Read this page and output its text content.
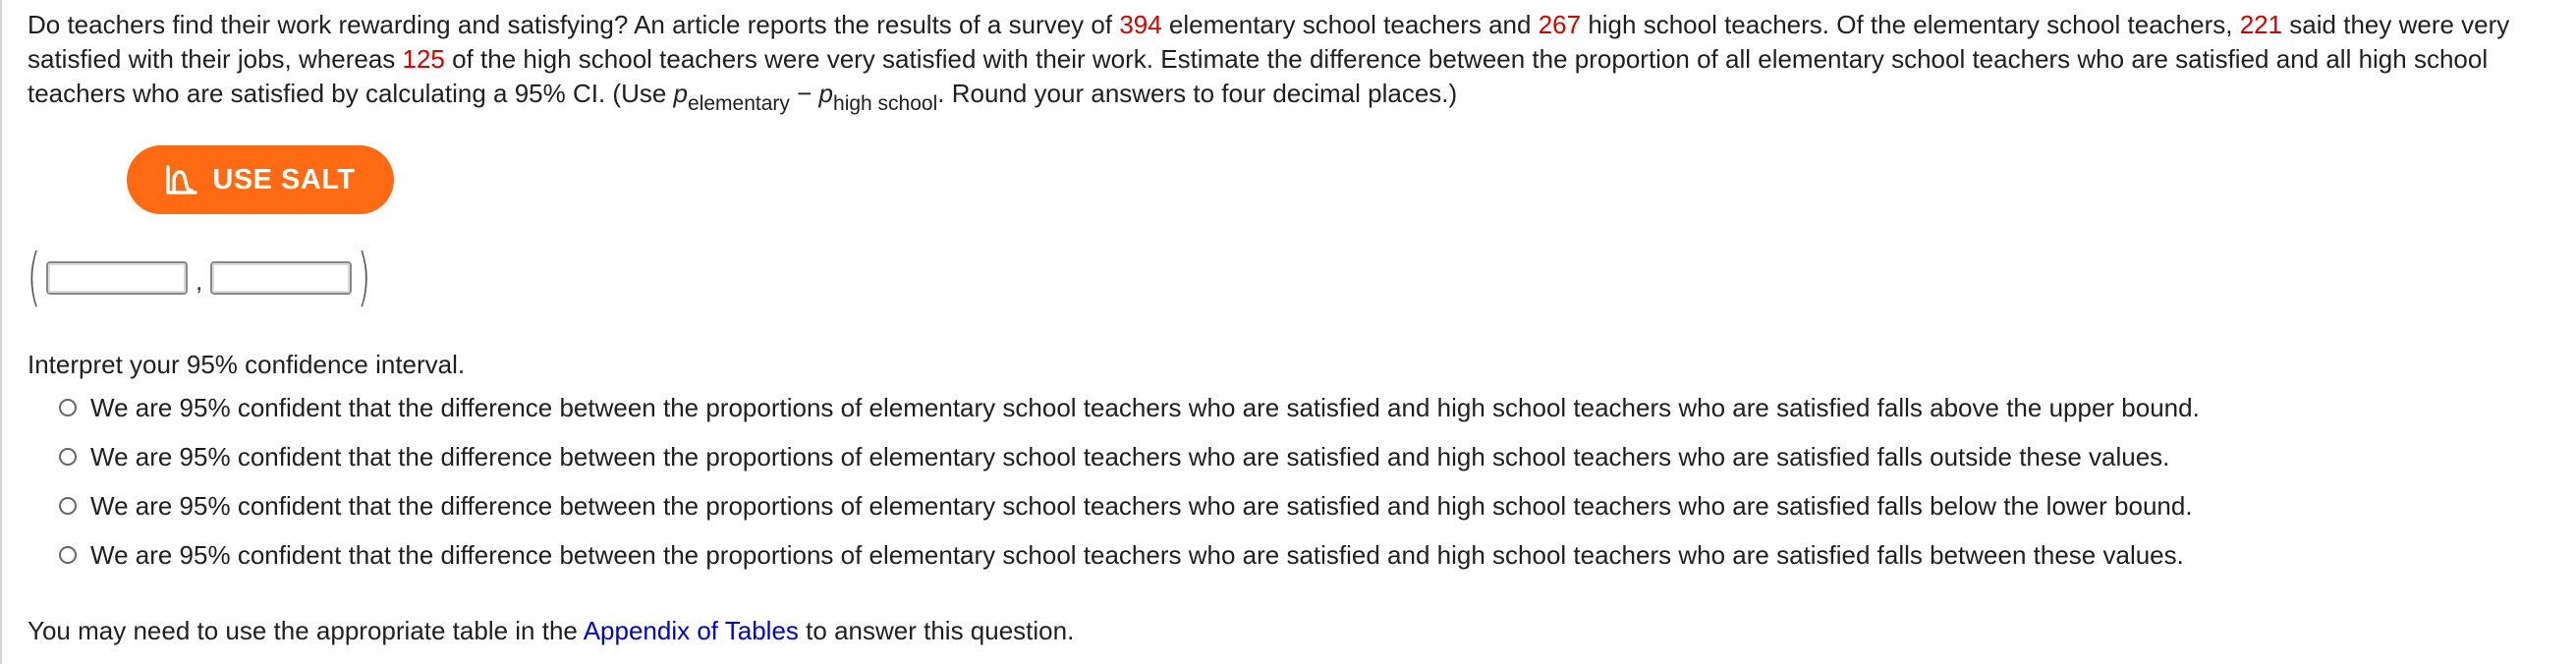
Do teachers find their work rewarding and satisfying? An article reports the results of a survey of 394 elementary school teachers and 267 high school teachers. Of the elementary school teachers, 221 said they were very satisfied with their jobs, whereas 125 of the high school teachers were very satisfied with their work. Estimate the difference between the proportion of all elementary school teachers who are satisfied and all high school teachers who are satisfied by calculating a 95% CI. (Use $p_{elementary} - p_{high school}$. Round your answers to four decimal places.)
USE SALT
(	, )
Interpret your 95% confidence interval.
We are 95% confident that the difference between the proportions of elementary school teachers who are satisfied and high school teachers who are satisfied falls above the upper bound.
We are 95% confident that the difference between the proportions of elementary school teachers who are satisfied and high school teachers who are satisfied falls outside these values.
We are 95% confident that the difference between the proportions of elementary school teachers who are satisfied and high school teachers who are satisfied falls below the lower bound.
We are 95% confident that the difference between the proportions of elementary school teachers who are satisfied and high school teachers who are satisfied falls between these values.
You may need to use the appropriate table in the Appendix of Tables to answer this question.
